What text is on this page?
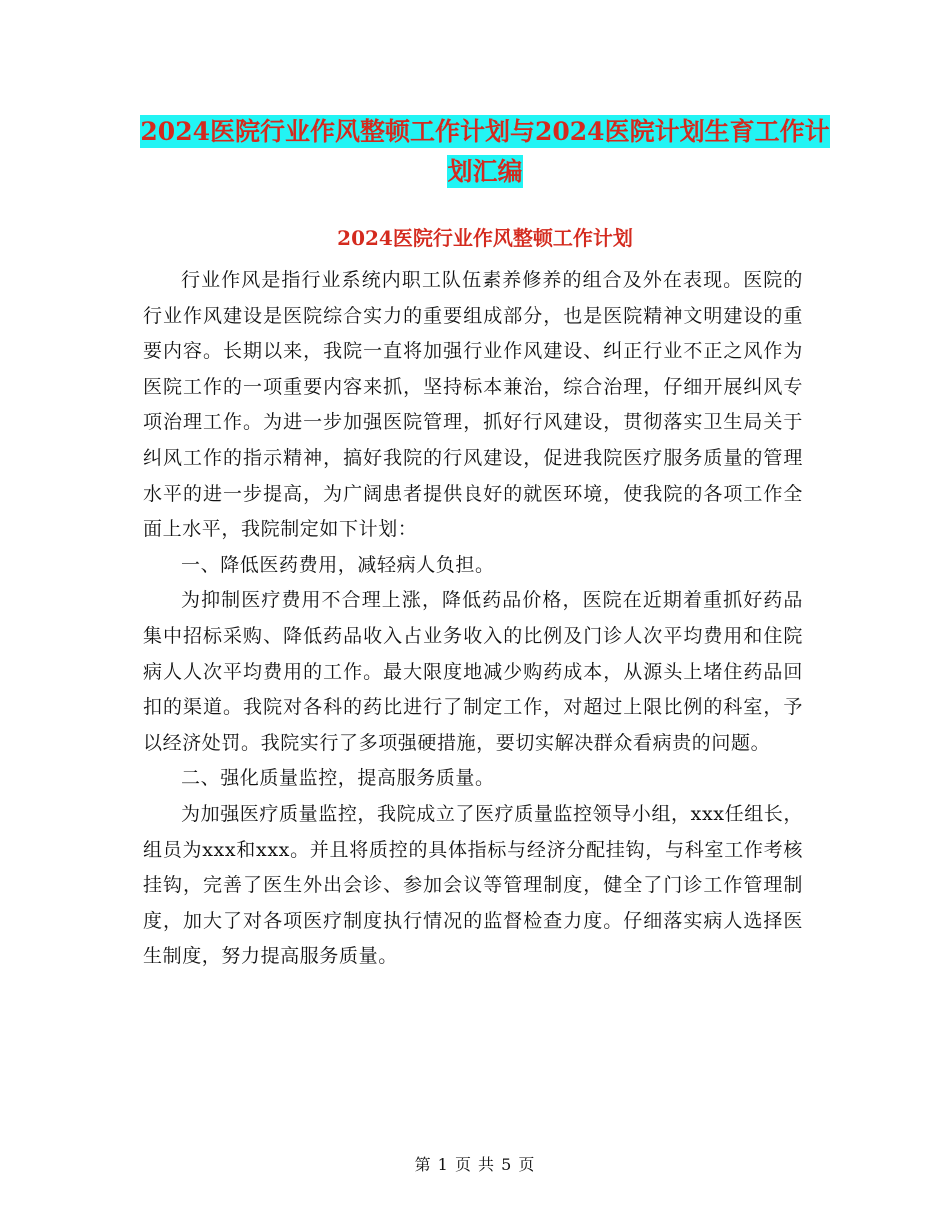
2024医院行业作风整顿工作计划与2024医院计划生育工作计划汇编
2024医院行业作风整顿工作计划

行业作风是指行业系统内职工队伍素养修养的组合及外在表现。医院的行业作风建设是医院综合实力的重要组成部分，也是医院精神文明建设的重要内容。长期以来，我院一直将加强行业作风建设、纠正行业不正之风作为医院工作的一项重要内容来抓，坚持标本兼治，综合治理，仔细开展纠风专项治理工作。为进一步加强医院管理，抓好行风建设，贯彻落实卫生局关于纠风工作的指示精神，搞好我院的行风建设，促进我院医疗服务质量的管理水平的进一步提高，为广阔患者提供良好的就医环境，使我院的各项工作全面上水平，我院制定如下计划：

一、降低医药费用，减轻病人负担。

为抑制医疗费用不合理上涨，降低药品价格，医院在近期着重抓好药品集中招标采购、降低药品收入占业务收入的比例及门诊人次平均费用和住院病人人次平均费用的工作。最大限度地减少购药成本，从源头上堵住药品回扣的渠道。我院对各科的药比进行了制定工作，对超过上限比例的科室，予以经济处罚。我院实行了多项强硬措施，要切实解决群众看病贵的问题。

二、强化质量监控，提高服务质量。

为加强医疗质量监控，我院成立了医疗质量监控领导小组，xxx任组长，组员为xxx和xxx。并且将质控的具体指标与经济分配挂钩，与科室工作考核挂钩，完善了医生外出会诊、参加会议等管理制度，健全了门诊工作管理制度，加大了对各项医疗制度执行情况的监督检查力度。仔细落实病人选择医生制度，努力提高服务质量。

第 1 页 共 5 页
